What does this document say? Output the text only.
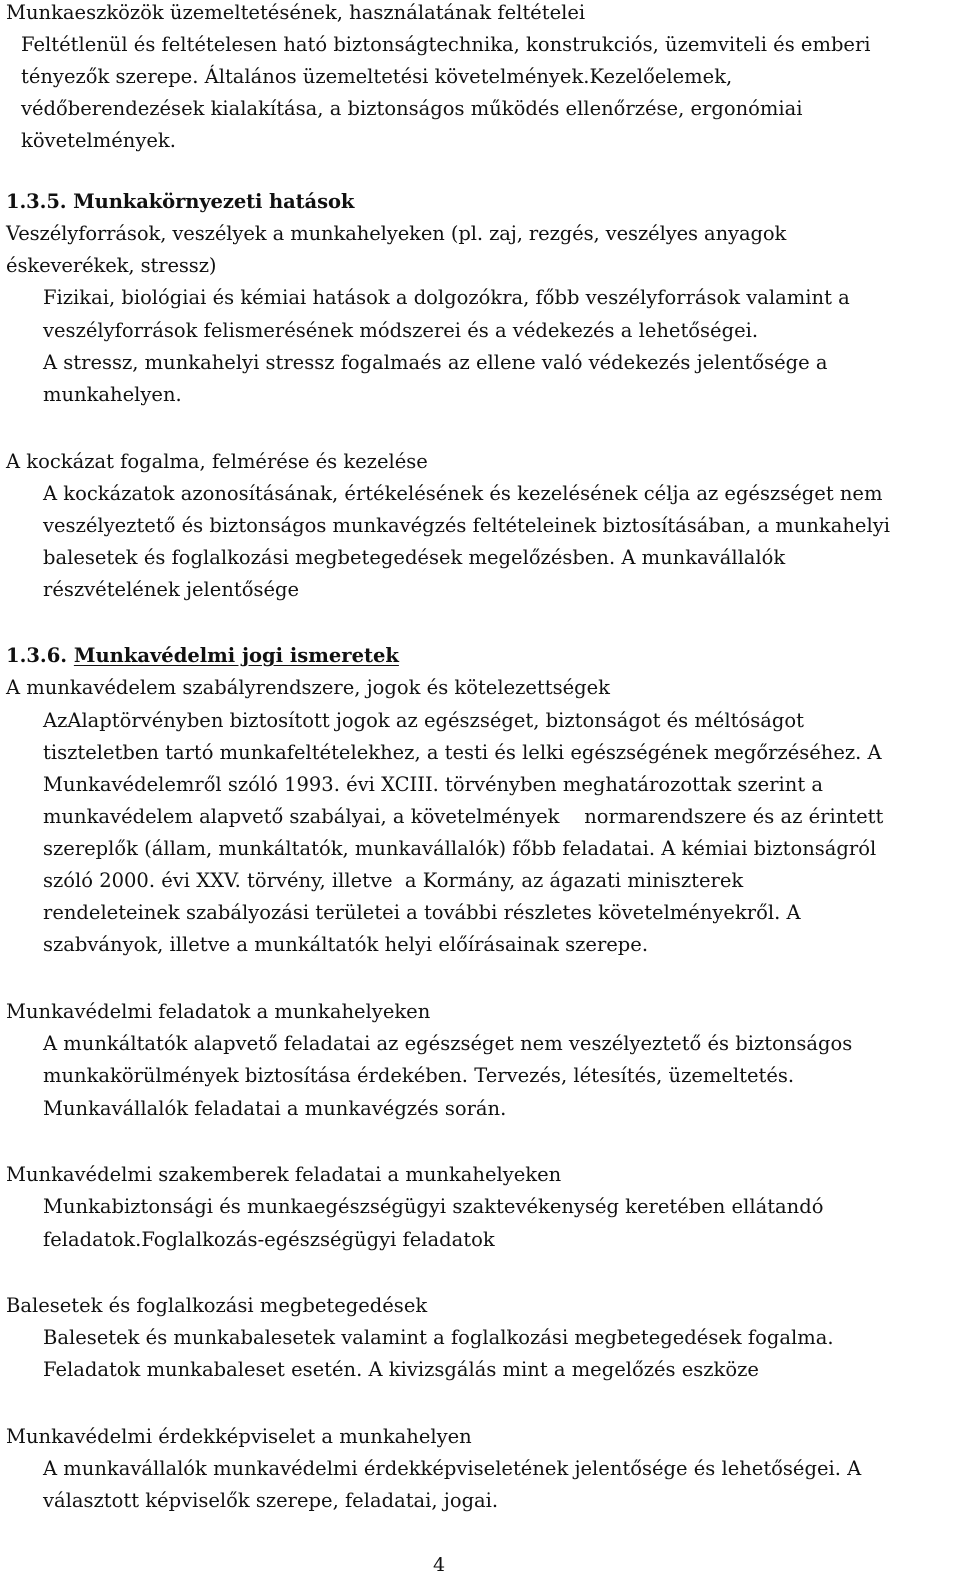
Munkaeszközök üzemeltetésének, használatának feltételei
Feltétlenül és feltételesen ható biztonságtechnika, konstrukciós, üzemviteli és emberi
tényezők szerepe. Általános üzemeltetési követelmények.Kezelőelemek,
védőberendezések kialakítása, a biztonságos működés ellenőrzése, ergonómiai
követelmények.
1.3.5. Munkakörnyezeti hatások
Veszélyforrások, veszélyek a munkahelyeken (pl. zaj, rezgés, veszélyes anyagok
éskeverékek, stressz)
Fizikai, biológiai és kémiai hatások a dolgozókra, főbb veszélyforrások valamint a
veszélyforrások felismerésének módszerei és a védekezés a lehetőségei.
A stressz, munkahelyi stressz fogalmaés az ellene való védekezés jelentősége a
munkahelyen.
A kockázat fogalma, felmérése és kezelése
A kockázatok azonosításának, értékelésének és kezelésének célja az egészséget nem
veszélyeztető és biztonságos munkavégzés feltételeinek biztosításában, a munkahelyi
balesetek és foglalkozási megbetegedések megelőzésben. A munkavállalók
részvételének jelentősége
1.3.6. Munkavédelmi jogi ismeretek
A munkavédelem szabályrendszere, jogok és kötelezettségek
AzAlaptörvényben biztosított jogok az egészséget, biztonságot és méltóságot
tiszteletben tartó munkafeltételekhez, a testi és lelki egészségének megőrzéséhez. A
Munkavédelemről szóló 1993. évi XCIII. törvényben meghatározottak szerint a
munkavédelem alapvető szabályai, a követelmények    normarendszere és az érintett
szereplők (állam, munkáltatók, munkavállalók) főbb feladatai. A kémiai biztonságról
szóló 2000. évi XXV. törvény, illetve  a Kormány, az ágazati miniszterek
rendeleteinek szabályozási területei a további részletes követelményekről. A
szabványok, illetve a munkáltatók helyi előírásainak szerepe.
Munkavédelmi feladatok a munkahelyeken
A munkáltatók alapvető feladatai az egészséget nem veszélyeztető és biztonságos
munkakörülmények biztosítása érdekében. Tervezés, létesítés, üzemeltetés.
Munkavállalók feladatai a munkavégzés során.
Munkavédelmi szakemberek feladatai a munkahelyeken
Munkabiztonsági és munkaegészségügyi szaktevékenység keretében ellátandó
feladatok.Foglalkozás-egészségügyi feladatok
Balesetek és foglalkozási megbetegedések
Balesetek és munkabalesetek valamint a foglalkozási megbetegedések fogalma.
Feladatok munkabaleset esetén. A kivizsgálás mint a megelőzés eszköze
Munkavédelmi érdekképviselet a munkahelyen
A munkavállalók munkavédelmi érdekképviseletének jelentősége és lehetőségei. A
választott képviselők szerepe, feladatai, jogai.
4
